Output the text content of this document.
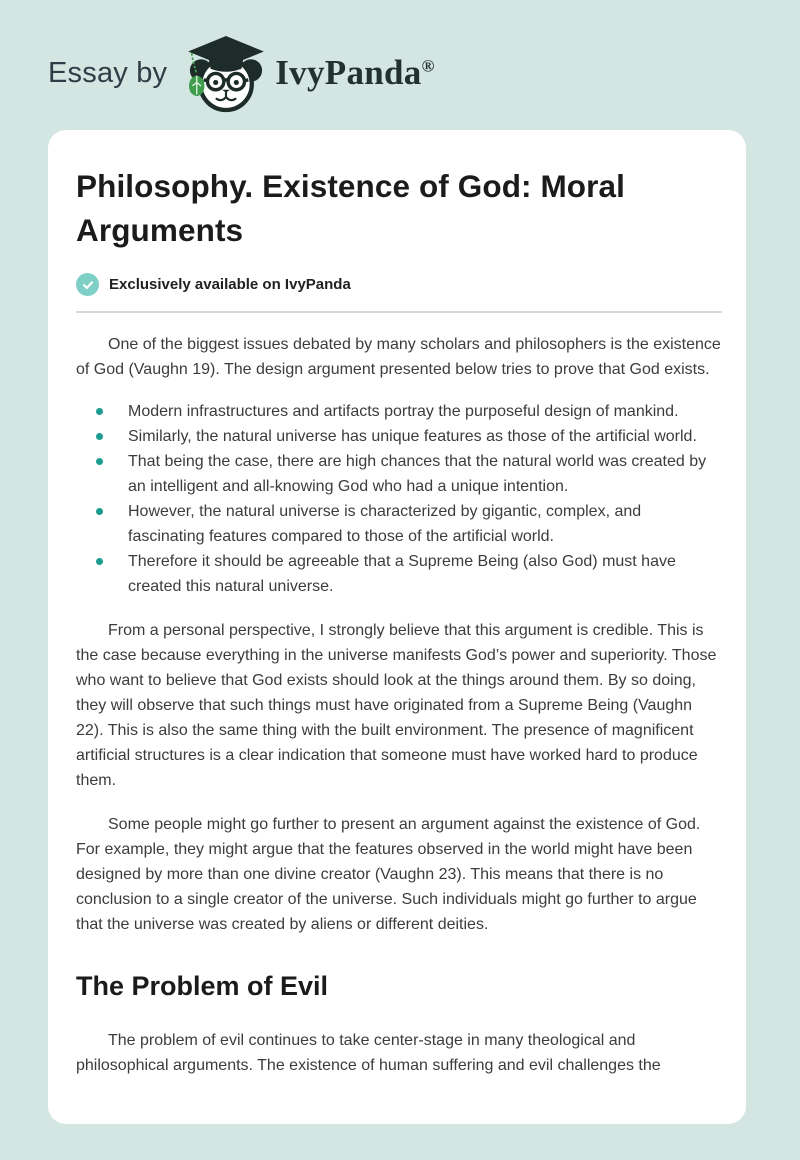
Essay by	IvyPanda®
Philosophy. Existence of God: Moral Arguments
Exclusively available on IvyPanda

One of the biggest issues debated by many scholars and philosophers is the existence of God (Vaughn 19). The design argument presented below tries to prove that God exists.

Modern infrastructures and artifacts portray the purposeful design of mankind.
Similarly, the natural universe has unique features as those of the artificial world.
That being the case, there are high chances that the natural world was created by an intelligent and all-knowing God who had a unique intention.
However, the natural universe is characterized by gigantic, complex, and fascinating features compared to those of the artificial world.
Therefore it should be agreeable that a Supreme Being (also God) must have created this natural universe.

From a personal perspective, I strongly believe that this argument is credible. This is the case because everything in the universe manifests God’s power and superiority. Those who want to believe that God exists should look at the things around them. By so doing, they will observe that such things must have originated from a Supreme Being (Vaughn 22). This is also the same thing with the built environment. The presence of magnificent artificial structures is a clear indication that someone must have worked hard to produce them.

Some people might go further to present an argument against the existence of God. For example, they might argue that the features observed in the world might have been designed by more than one divine creator (Vaughn 23). This means that there is no conclusion to a single creator of the universe. Such individuals might go further to argue that the universe was created by aliens or different deities.

The Problem of Evil

The problem of evil continues to take center-stage in many theological and philosophical arguments. The existence of human suffering and evil challenges the
